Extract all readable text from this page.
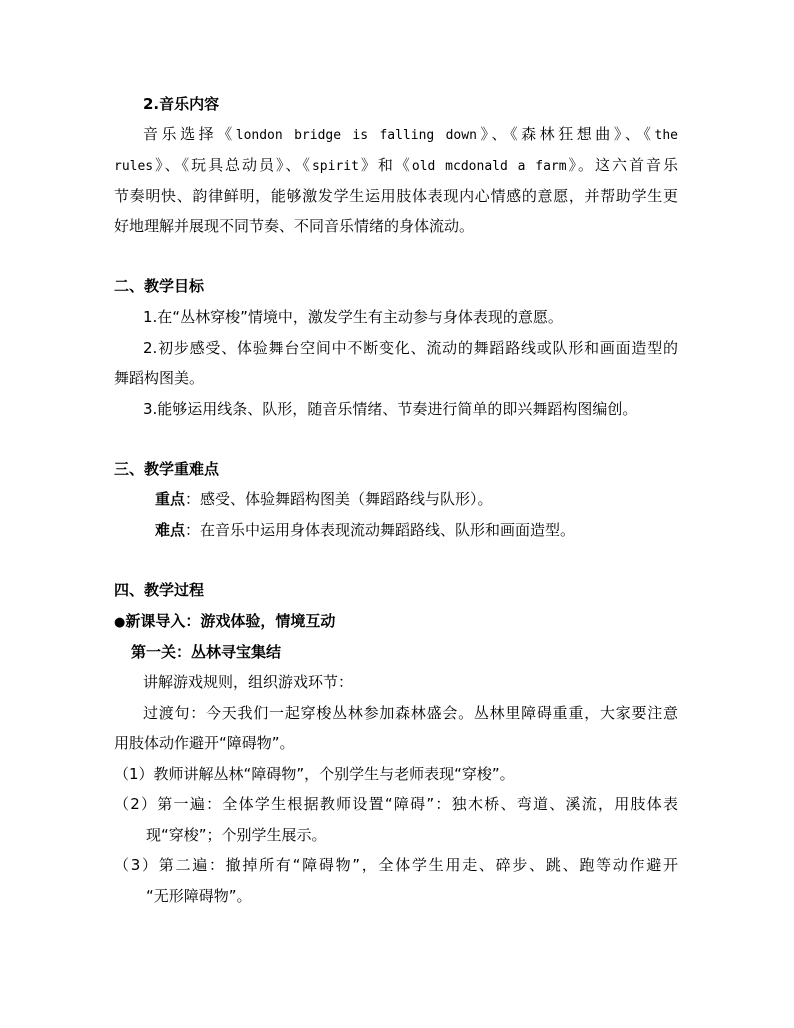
2.音乐内容
音乐选择《london bridge is falling down》、《森林狂想曲》、《the
rules》、《玩具总动员》、《spirit》和《old mcdonald a farm》。这六首音乐
节奏明快、韵律鲜明，能够激发学生运用肢体表现内心情感的意愿，并帮助学生更
好地理解并展现不同节奏、不同音乐情绪的身体流动。
二、教学目标
1.在“丛林穿梭”情境中，激发学生有主动参与身体表现的意愿。
2.初步感受、体验舞台空间中不断变化、流动的舞蹈路线或队形和画面造型的
舞蹈构图美。
3.能够运用线条、队形，随音乐情绪、节奏进行简单的即兴舞蹈构图编创。
三、教学重难点
重点：感受、体验舞蹈构图美（舞蹈路线与队形）。
难点：在音乐中运用身体表现流动舞蹈路线、队形和画面造型。
四、教学过程
●新课导入：游戏体验，情境互动
第一关：丛林寻宝集结
讲解游戏规则，组织游戏环节：
过渡句：今天我们一起穿梭丛林参加森林盛会。丛林里障碍重重，大家要注意
用肢体动作避开“障碍物”。
（1）教师讲解丛林“障碍物”，个别学生与老师表现“穿梭”。
（2）第一遍：全体学生根据教师设置“障碍”：独木桥、弯道、溪流，用肢体表
现“穿梭”；个别学生展示。
（3）第二遍：撤掉所有“障碍物”，全体学生用走、碎步、跳、跑等动作避开
“无形障碍物”。
